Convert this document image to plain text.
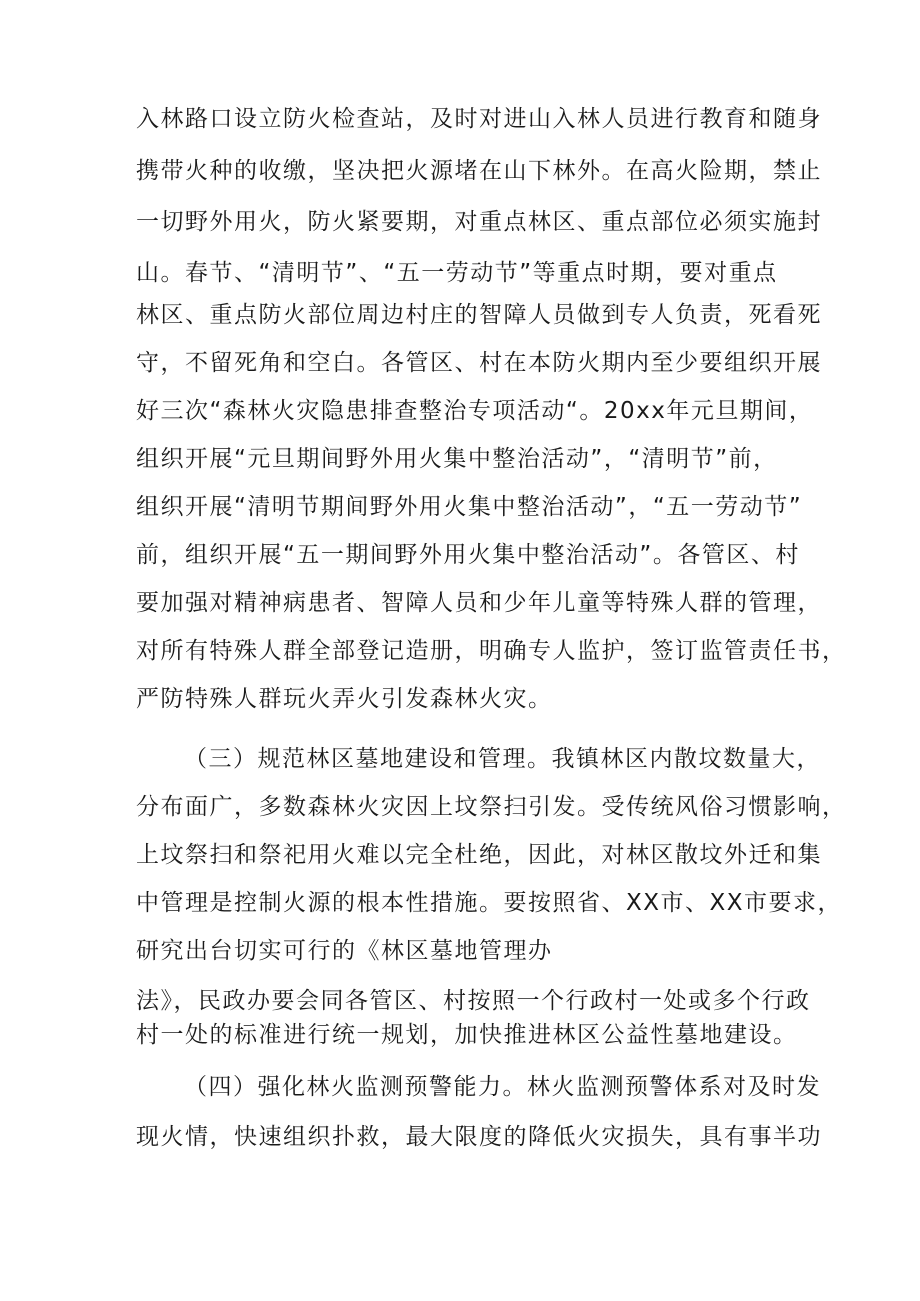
入林路口设立防火检查站，及时对进山入林人员进行教育和随身
携带火种的收缴，坚决把火源堵在山下林外。在高火险期，禁止
一切野外用火，防火紧要期，对重点林区、重点部位必须实施封
山。春节、“清明节”、“五一劳动节”等重点时期，要对重点
林区、重点防火部位周边村庄的智障人员做到专人负责，死看死
守，不留死角和空白。各管区、村在本防火期内至少要组织开展
好三次“森林火灾隐患排查整治专项活动“。20xx年元旦期间，
组织开展“元旦期间野外用火集中整治活动”，“清明节”前，
组织开展“清明节期间野外用火集中整治活动”，“五一劳动节”
前，组织开展“五一期间野外用火集中整治活动”。各管区、村
要加强对精神病患者、智障人员和少年儿童等特殊人群的管理，
对所有特殊人群全部登记造册，明确专人监护，签订监管责任书，
严防特殊人群玩火弄火引发森林火灾。
（三）规范林区墓地建设和管理。我镇林区内散坟数量大，
分布面广，多数森林火灾因上坟祭扫引发。受传统风俗习惯影响，
上坟祭扫和祭祀用火难以完全杜绝，因此，对林区散坟外迁和集
中管理是控制火源的根本性措施。要按照省、XX市、XX市要求，
研究出台切实可行的《林区墓地管理办
法》，民政办要会同各管区、村按照一个行政村一处或多个行政
村一处的标准进行统一规划，加快推进林区公益性墓地建设。
（四）强化林火监测预警能力。林火监测预警体系对及时发
现火情，快速组织扑救，最大限度的降低火灾损失，具有事半功
